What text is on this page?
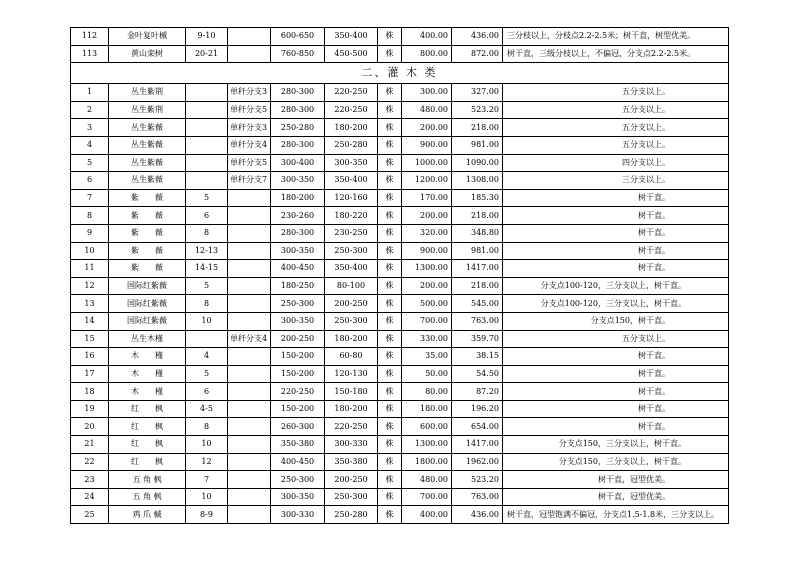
112	金叶复叶槭	9-10		600-650	350-400	株	400.00	436.00	三分枝以上，分枝点2.2-2.5米；树干直，树型优美。
113	黄山栾树	20-21		760-850	450-500	株	800.00	872.00	树干直，三级分枝以上，不偏冠，分支点2.2-2.5米。
二、灌 木 类									
1	丛生紫荆		单秆分支3	280-300	220-250	株	300.00	327.00	五分支以上。
2	丛生紫荆		单秆分支5	280-300	220-250	株	480.00	523.20	五分支以上。
3	丛生紫薇		单秆分支3	250-280	180-200	株	200.00	218.00	五分支以上。
4	丛生紫薇		单秆分支4	280-300	250-280	株	900.00	981.00	五分支以上。
5	丛生紫薇		单秆分支5	300-400	300-350	株	1000.00	1090.00	四分支以上。
6	丛生紫薇		单秆分支7	300-350	350-400	株	1200.00	1308.00	三分支以上。
7	紫　　薇	5		180-200	120-160	株	170.00	185.30	树干直。
8	紫　　薇	6		230-260	180-220	株	200.00	218.00	树干直。
9	紫　　薇	8		280-300	230-250	株	320.00	348.80	树干直。
10	紫　　薇	12-13		300-350	250-300	株	900.00	981.00	树干直。
11	紫　　薇	14-15		400-450	350-400	株	1300.00	1417.00	树干直。
12	国际红紫薇	5		180-250	80-100	株	200.00	218.00	分支点100-120，三分支以上，树干直。
13	国际红紫薇	8		250-300	200-250	株	500.00	545.00	分支点100-120，三分支以上，树干直。
14	国际红紫薇	10		300-350	250-300	株	700.00	763.00	分支点150，树干直。
15	丛生木槿		单秆分支4	200-250	180-200	株	330.00	359.70	五分支以上。
16	木　　槿	4		150-200	60-80	株	35.00	38.15	树干直。
17	木　　槿	5		150-200	120-130	株	50.00	54.50	树干直。
18	木　　槿	6		220-250	150-180	株	80.00	87.20	树干直。
19	红　　枫	4-5		150-200	180-200	株	180.00	196.20	树干直。
20	红　　枫	8		260-300	220-250	株	600.00	654.00	树干直。
21	红　　枫	10		350-380	300-330	株	1300.00	1417.00	分支点150，三分支以上，树干直。
22	红　　枫	12		400-450	350-380	株	1800.00	1962.00	分支点150，三分支以上，树干直。
23	五 角 枫	7		250-300	200-250	株	480.00	523.20	树干直，冠型优美。
24	五 角 枫	10		300-350	250-300	株	700.00	763.00	树干直，冠型优美。
25	鸡 爪 槭	8-9		300-330	250-280	株	400.00	436.00	树干直，冠型饱满不偏冠，分支点1.5-1.8米，三分支以上。
